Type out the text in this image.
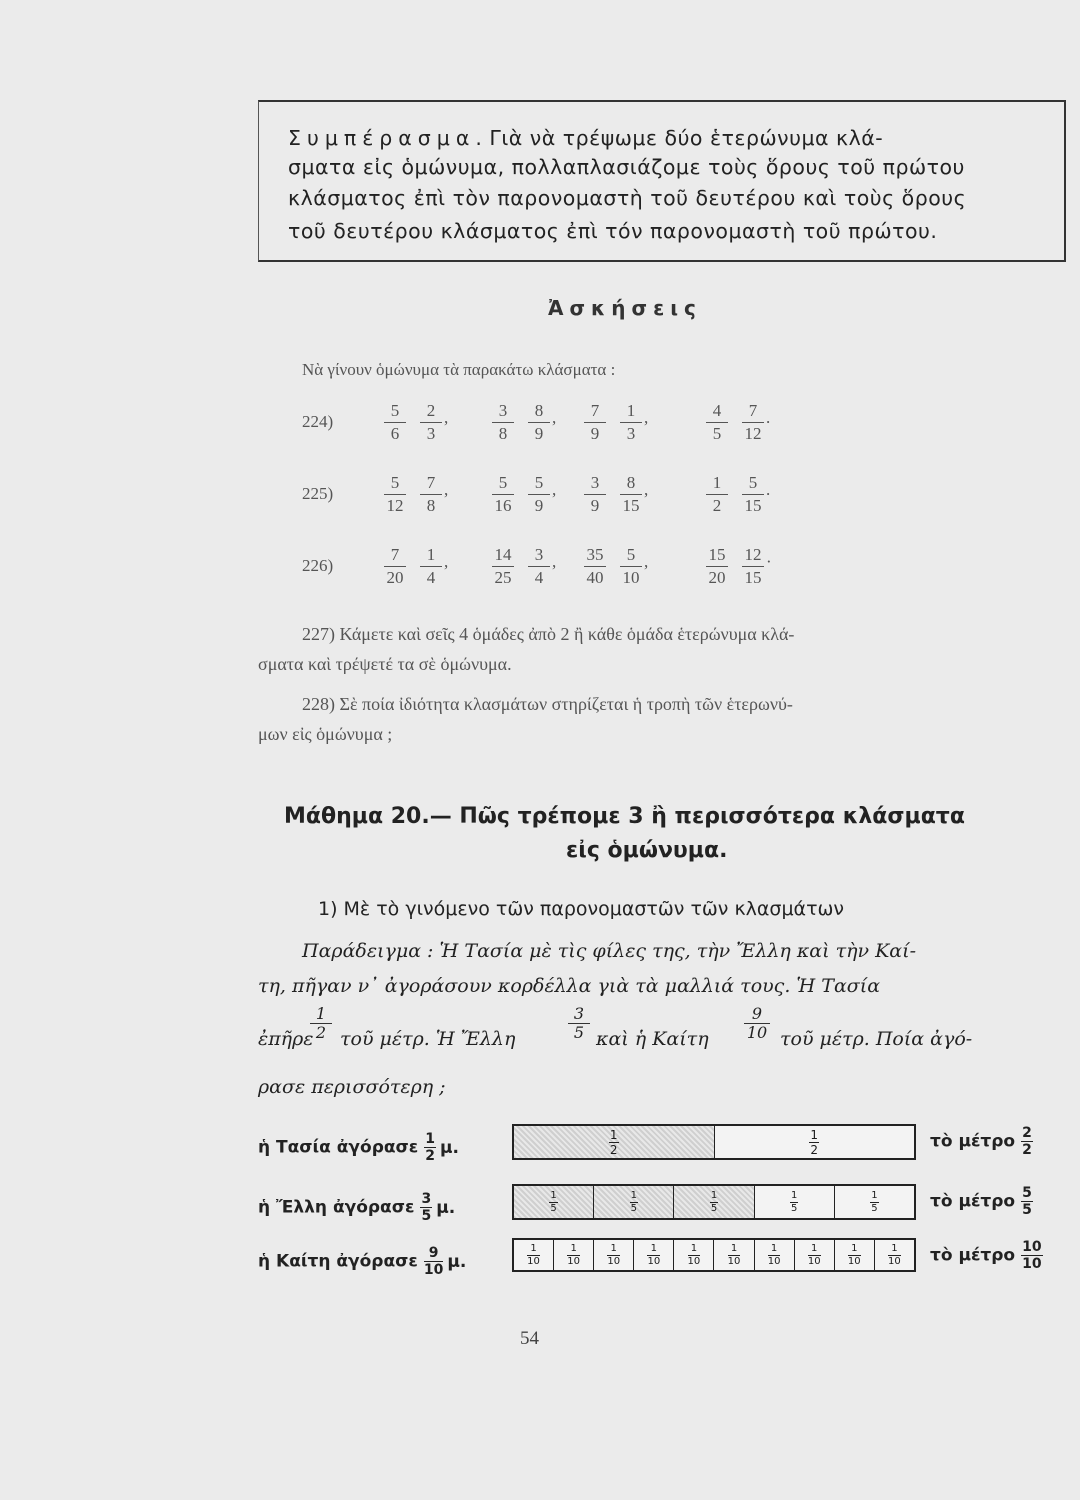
Συμπέρασμα. Γιὰ νὰ τρέψωμε δύο ἑτερώνυμα κλά-
σματα εἰς ὁμώνυμα, πολλαπλασιάζομε τοὺς ὅρους τοῦ πρώτου
κλάσματος ἐπὶ τὸν παρονομαστὴ τοῦ δευτέρου καὶ τοὺς ὅρους
τοῦ δευτέρου κλάσματος ἐπὶ τόν παρονομαστὴ τοῦ πρώτου.
Ἀσκήσεις
Νὰ γίνουν ὁμώνυμα τὰ παρακάτω κλάσματα :
224)	$\frac{5}{6} \frac{2}{3}$ ,	$\frac{3}{8} \frac{8}{9}$ , $\frac{7}{9} \frac{1}{3}$ ,	$\frac{4}{5} \frac{7}{12}$ .
225)	$\frac{5}{12} \frac{7}{8}$ ,	$\frac{5}{16} \frac{5}{9}$ , $\frac{3}{9} \frac{8}{15}$ ,	$\frac{1}{2} \frac{5}{15}$ .
226)	$\frac{7}{20} \frac{1}{4}$ ,	$\frac{14}{25} \frac{3}{4}$ , $\frac{35}{40} \frac{5}{10}$ ,	$\frac{15}{20} \frac{12}{15}$ ·
227) Κάμετε καὶ σεῖς 4 ὁμάδες ἀπὸ 2 ἢ κάθε ὁμάδα ἑτερώνυμα κλά-
σματα καὶ τρέψετέ τα σὲ ὁμώνυμα.
228) Σὲ ποία ἰδιότητα κλασμάτων στηρίζεται ἡ τροπὴ τῶν ἑτερωνύ-
μων εἰς ὁμώνυμα ;
Μάθημα 20.— Πῶς τρέπομε 3 ἢ περισσότερα κλάσματα
εἰς ὁμώνυμα.
1) Μὲ τὸ γινόμενο τῶν παρονομαστῶν τῶν κλασμάτων
Παράδειγμα : Ἡ Τασία μὲ τὶς φίλες της, τὴν Ἔλλη καὶ τὴν Καί-
τη, πῆγαν ν᾽ ἀγοράσουν κορδέλλα γιὰ τὰ μαλλιά τους. Ἡ Τασία
ἐπῆρε
$\frac{1}{2}$ τοῦ μέτρ. Ἡ Ἔλλη	$\frac{3}{5}$ καὶ ἡ Καίτη $\frac{9}{10}$ τοῦ μέτρ. Ποία ἀγό-
ρασε περισσότερη ;
ἡ Τασία ἀγόρασε $\frac{1}{2} \mu$.	$\frac{1}{2}$	$\frac{1}{2}$	τὸ μέτρο $\frac{2}{2}$
ἡ Ἔλλη ἀγόρασε $\frac{3}{5} \mu$.	$\frac{1}{5}$	$\frac{1}{5}$	$\frac{1}{5}$	$\frac{1}{5}$	$\frac{1}{5}$	τὸ μέτρο $\frac{5}{5}$
ἡ Καίτη ἀγόρασε $\frac{9}{10} \mu$.	$\frac{1}{10}$	$\frac{1}{10}$	$\frac{1}{10}$	$\frac{1}{10}$	$\frac{1}{10}$	$\frac{1}{10}$	$\frac{1}{10}$	$\frac{1}{10}$	$\frac{1}{10}$	$\frac{1}{10}$ τὸ μέτρο $\frac{10}{10}$
54
